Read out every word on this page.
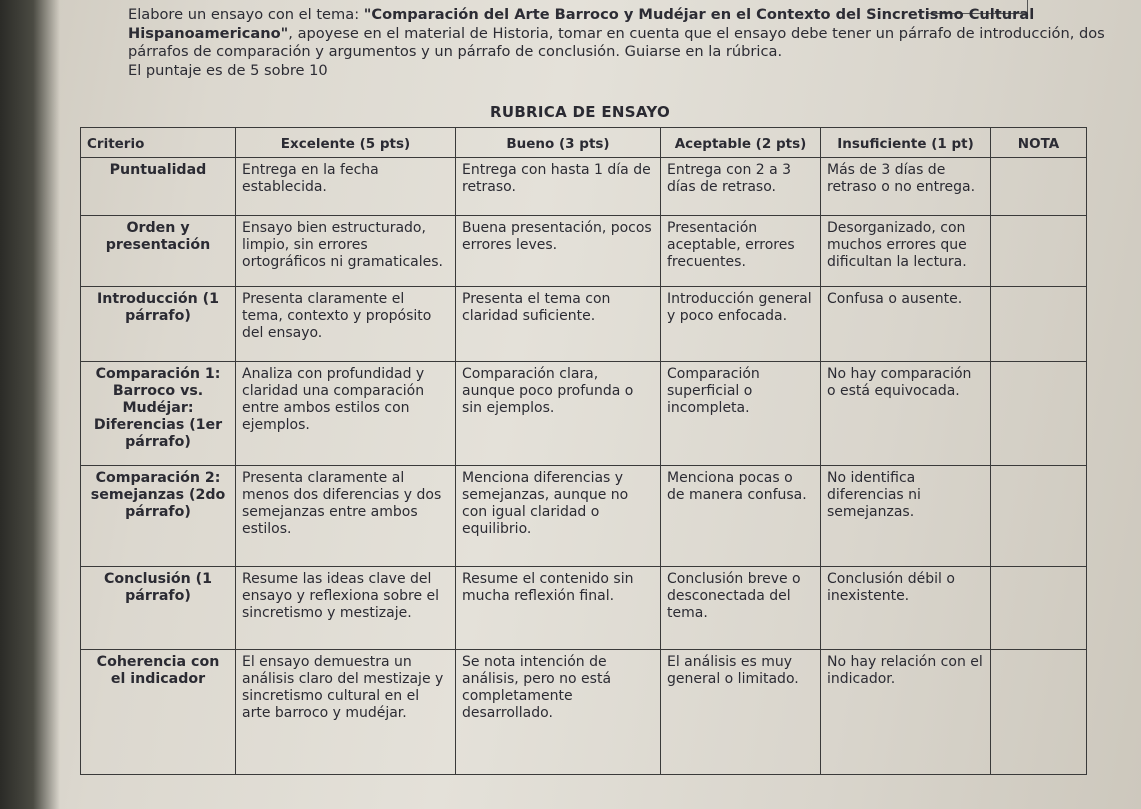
Elabore un ensayo con el tema: "Comparación del Arte Barroco y Mudéjar en el Contexto del Sincretismo Cultural Hispanoamericano", apoyese en el material de Historia, tomar en cuenta que el ensayo debe tener un párrafo de introducción, dos párrafos de comparación y argumentos y un párrafo de conclusión. Guiarse en la rúbrica.

El puntaje es de 5 sobre 10

RUBRICA DE ENSAYO
Criterio	Excelente (5 pts)	Bueno (3 pts)	Aceptable (2 pts)	Insuficiente (1 pt)	NOTA
Puntualidad	Entrega en la fecha establecida.	Entrega con hasta 1 día de retraso.	Entrega con 2 a 3 días de retraso.	Más de 3 días de retraso o no entrega.	
Orden y presentación	Ensayo bien estructurado, limpio, sin errores ortográficos ni gramaticales.	Buena presentación, pocos errores leves.	Presentación aceptable, errores frecuentes.	Desorganizado, con muchos errores que dificultan la lectura.	
Introducción (1 párrafo)	Presenta claramente el tema, contexto y propósito del ensayo.	Presenta el tema con claridad suficiente.	Introducción general y poco enfocada.	Confusa o ausente.	
Comparación 1: Barroco vs. Mudéjar: Diferencias (1er párrafo)	Analiza con profundidad y claridad una comparación entre ambos estilos con ejemplos.	Comparación clara, aunque poco profunda o sin ejemplos.	Comparación superficial o incompleta.	No hay comparación o está equivocada.	
Comparación 2: semejanzas (2do párrafo)	Presenta claramente al menos dos diferencias y dos semejanzas entre ambos estilos.	Menciona diferencias y semejanzas, aunque no con igual claridad o equilibrio.	Menciona pocas o de manera confusa.	No identifica diferencias ni semejanzas.	
Conclusión (1 párrafo)	Resume las ideas clave del ensayo y reflexiona sobre el sincretismo y mestizaje.	Resume el contenido sin mucha reflexión final.	Conclusión breve o desconectada del tema.	Conclusión débil o inexistente.	
Coherencia con el indicador	El ensayo demuestra un análisis claro del mestizaje y sincretismo cultural en el arte barroco y mudéjar.	Se nota intención de análisis, pero no está completamente desarrollado.	El análisis es muy general o limitado.	No hay relación con el indicador.	
